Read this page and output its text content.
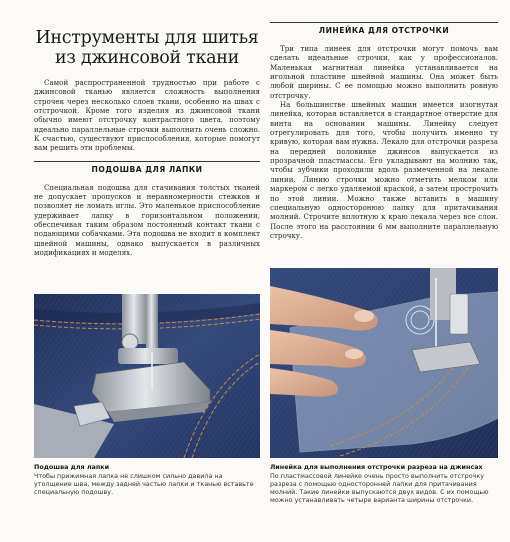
Инструменты для шитья
из джинсовой ткани

Самой распространенной трудностью при работе с джинсовой тканью является сложность выполнения строчек через несколько слоев ткани, особенно на швах с отстрочкой. Кроме того изделия из джинсовой ткани обычно имеют отстрочку контрастного цвета, поэтому идеально параллельные строчки выполнить очень сложно. К счастью, существуют приспособления, которые помогут вам решить эти проблемы.

ПОДОШВА ДЛЯ ЛАПКИ

Специальная подошва для стачивания толстых тканей не допускает пропусков и неравномерности стежков и позволяет не ломать иглы. Это маленькое приспособление удерживает лапку в горизонтальном положении, обеспечивая таким образом постоянный контакт ткани с подающими собачками. Эта подошва не входит в комплект швейной машины, однако выпускается в различных модификациях и моделях.

ЛИНЕЙКА ДЛЯ ОТСТРОЧКИ

Три типа линеек для отстрочки могут помочь вам сделать идеальные строчки, как у профессионалов. Маленькая магнитная линейка устанавливается на игольной пластине швейной машины. Она может быть любой ширины. С ее помощью можно выполнить ровную отстрочку.

На большинстве швейных машин имеется изогнутая линейка, которая вставляется в стандартное отверстие для винта на основании машины. Линейку следует отрегулировать для того, чтобы получить именно ту кривую, которая вам нужна. Лекало для отстрочки разреза на передней половинке джинсов выпускается из прозрачной пластмассы. Его укладывают на молнию так, чтобы зубчики проходили вдоль размеченной на лекале линии. Линию строчки можно отметить мелком или маркером с легко удаляемой краской, а затем прострочить по этой линии. Можно также вставить в машину специальную односторонюю лапку для притачивания молний. Строчите вплотную к краю лекала через все слои. После этого на расстоянии 6 мм выполните параллельную строчку.

Подошва для лапки
Чтобы прижимная лапка не слишком сильно давила на утолщение шва, между задней частью лапки и тканью вставьте специальную подошву.
Линейка для выполнения отстрочки разреза на джинсах
По пластмассовой линейке очень просто выполнить отстрочку разреза с помощью односторонней лапки для притачивания молний. Такие линейки выпускаются двух видов. С их помощью можно устанавливать четыре варианта ширины отстрочки.
